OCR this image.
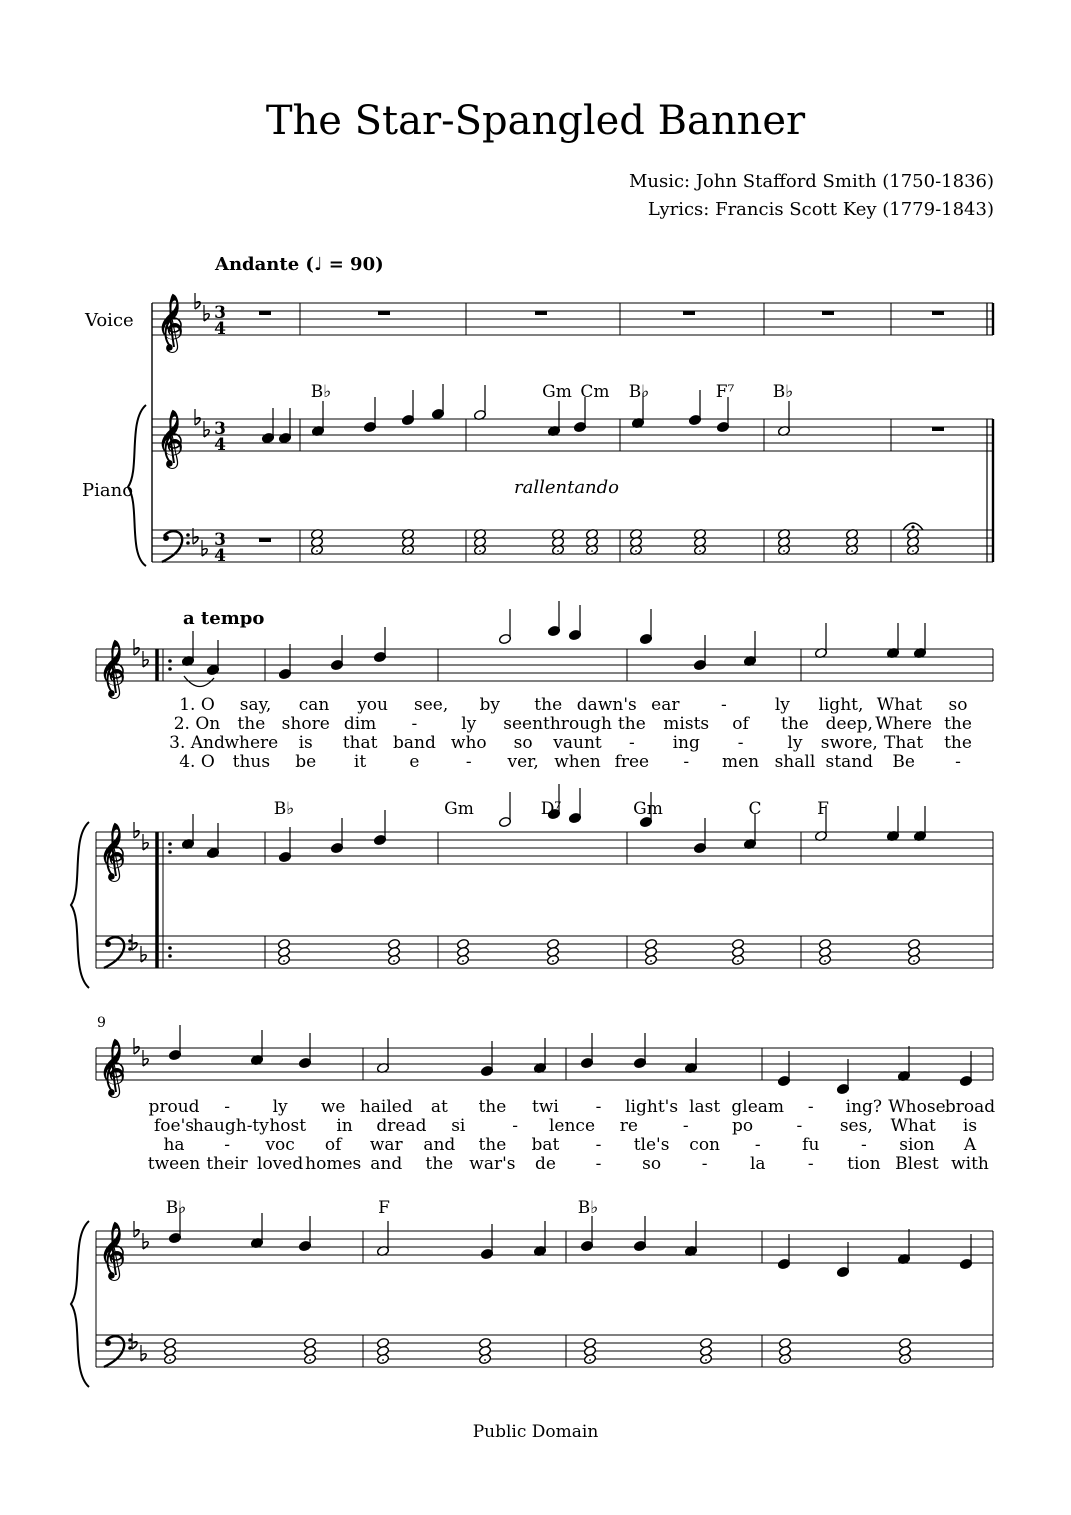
𝄞
𝄞
3
4
3
4
3
4
𝄞
𝄞
𝄞
𝄞
B♭	Gm Cm B♭	F⁷ B♭
B♭	Gm	D⁷	Gm	C	F
B♭	F	B♭
1. O say, can you see, by the dawn's ear -	ly light, What so
2. On the shore dim -	ly seen through the mists of the deep, Where the
3. And where is that band who so vaunt - ing -	ly swore, That the
4. O thus be it	e	- ver, when free - men shall stand Be -
proud -	ly we hailed at the twi - light's last gleam - ing? Whose broad
foe's
haugh-ty host in dread si	- lence re	-	po	- ses, What is
ha - voc of war and the bat - tle's con - fu - sion A
tween their loved homes and the war's de - so - la - tion Blest with
The Star-Spangled Banner
Music: John Stafford Smith (1750-1836)
Lyrics: Francis Scott Key (1779-1843)
Andante (♩ = 90)
a tempo
Voice
Piano	rallentando
9
Public Domain
